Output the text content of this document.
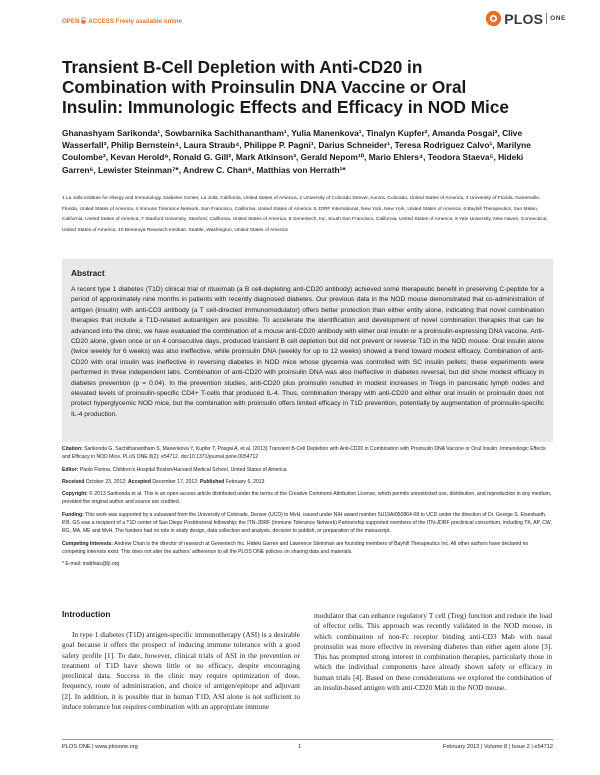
OPEN ACCESS Freely available online	PLOS ONE
Transient B-Cell Depletion with Anti-CD20 in Combination with Proinsulin DNA Vaccine or Oral Insulin: Immunologic Effects and Efficacy in NOD Mice

Ghanashyam Sarikonda¹, Sowbarnika Sachithanantham¹, Yulia Manenkova¹, Tinalyn Kupfer², Amanda Posgai³, Clive Wasserfall³, Philip Bernstein⁴, Laura Straub⁴, Philippe P. Pagni¹, Darius Schneider¹, Teresa Rodriguez Calvo¹, Marilyne Coulombe², Kevan Herold⁹, Ronald G. Gill², Mark Atkinson³, Gerald Nepom¹⁰, Mario Ehlers⁴, Teodora Staeva⁵, Hideki Garren⁶, Lewister Steinman⁷*, Andrew C. Chan⁸, Matthias von Herrath¹*

1 La Jolla Institute for Allergy and Immunology, Diabetes Center, La Jolla, California, United States of America, 2 University of Colorado Denver, Aurora, Colorado, United States of America, 3 University of Florida, Gainesville, Florida, United States of America, 4 Immune Tolerance Network, San Francisco, California, United States of America, 5 JDRF International, New York, New York, United States of America, 6 Bayhill Therapeutics, San Mateo, California, United States of America, 7 Stanford University, Stanford, California, United States of America, 8 Genentech, Inc, South San Francisco, California, United States of America, 9 Yale University, New Haven, Connecticut, United States of America, 10 Benaroya Research Institute, Seattle, Washington, United States of America

Abstract

A recent type 1 diabetes (T1D) clinical trial of rituximab (a B cell-depleting anti-CD20 antibody) achieved some therapeutic benefit in preserving C-peptide for a period of approximately nine months in patients with recently diagnosed diabetes. Our previous data in the NOD mouse demonstrated that co-administration of antigen (insulin) with anti-CD3 antibody (a T cell-directed immunomodulator) offers better protection than either entity alone, indicating that novel combination therapies that include a T1D-related autoantigen are possible. To accelerate the identification and development of novel combination therapies that can be advanced into the clinic, we have evaluated the combination of a mouse anti-CD20 antibody with either oral insulin or a proinsulin-expressing DNA vaccine. Anti-CD20 alone, given once or on 4 consecutive days, produced transient B cell depletion but did not prevent or reverse T1D in the NOD mouse. Oral insulin alone (twice weekly for 6 weeks) was also ineffective, while proinsulin DNA (weekly for up to 12 weeks) showed a trend toward modest efficacy. Combination of anti-CD20 with oral insulin was ineffective in reversing diabetes in NOD mice whose glycemia was controlled with SC insulin pellets; these experiments were performed in three independent labs. Combination of anti-CD20 with proinsulin DNA was also ineffective in diabetes reversal, but did show modest efficacy in diabetes prevention (p = 0.04). In the prevention studies, anti-CD20 plus proinsulin resulted in modest increases in Tregs in pancreatic lymph nodes and elevated levels of proinsulin-specific CD4+ T-cells that produced IL-4. Thus, combination therapy with anti-CD20 and either oral insulin or proinsulin does not protect hyperglycemic NOD mice, but the combination with proinsulin offers limited efficacy in T1D prevention, potentially by augmentation of proinsulin-specific IL-4 production.

Citation: Sarikonda G, Sachithanantham S, Manenkova Y, Kupfer T, Posgai A, et al. (2013) Transient B-Cell Depletion with Anti-CD20 in Combination with Proinsulin DNA Vaccine or Oral Insulin: Immunologic Effects and Efficacy in NOD Mice. PLoS ONE 8(2): e54712. doi:10.1371/journal.pone.0054712

Editor: Paolo Fiorina, Children's Hospital Boston/Harvard Medical School, United States of America

Received October 23, 2012; Accepted December 17, 2012; Published February 6, 2013

Copyright: © 2013 Sarikonda et al. This is an open-access article distributed under the terms of the Creative Commons Attribution License, which permits unrestricted use, distribution, and reproduction in any medium, provided the original author and source are credited.

Funding: This work was supported by a subaward from the University of Colorado, Denver (UCD) to MvH, issued under NIH award number 5U19AI050864-08 to UCD under the direction of Dr. George S. Eisenbarth. P.B. GS was a recipient of a T1D center of San Diego Postdoctoral fellowship; the ITN-JDRF (Immune Tolerance Network) Partnership supported members of the ITN-JDRF preclinical consortium, including TK, AP, CW, RG, MA, ME and MvH. The funders had no role in study design, data collection and analysis, decision to publish, or preparation of the manuscript.

Competing Interests: Andrew Chan is the director of research at Genentech Inc. Hideki Garren and Lawrence Steinman are founding members of Bayhill Therapeutics Inc. All other authors have declared no competing interests exist. This does not alter the authors' adherence to all the PLOS ONE policies on sharing data and materials.

* E-mail: matthias@lji.org

Introduction

In type 1 diabetes (T1D) antigen-specific immunotherapy (ASI) is a desirable goal because it offers the prospect of inducing immune tolerance with a good safety profile [1]. To date, however, clinical trials of ASI in the prevention or treatment of T1D have shown little or no efficacy, despite encouraging preclinical data. Success in the clinic may require optimization of dose, frequency, route of administration, and choice of antigen/epitope and adjuvant [2]. In addition, it is possible that in human T1D, ASI alone is not sufficient to induce tolerance but requires combination with an appropriate immune

modulator that can enhance regulatory T cell (Treg) function and reduce the load of effector cells. This approach was recently validated in the NOD mouse, in which combination of non-Fc receptor binding anti-CD3 Mab with nasal proinsulin was more effective in reversing diabetes than either agent alone [3]. This has prompted strong interest in combination therapies, particularly those in which the individual components have already shown safety or efficacy in human trials [4]. Based on these considerations we explored the combination of an insulin-based antigen with anti-CD20 Mab in the NOD mouse.

PLOS ONE | www.plosone.org	1	February 2013 | Volume 8 | Issue 2 | e54712
